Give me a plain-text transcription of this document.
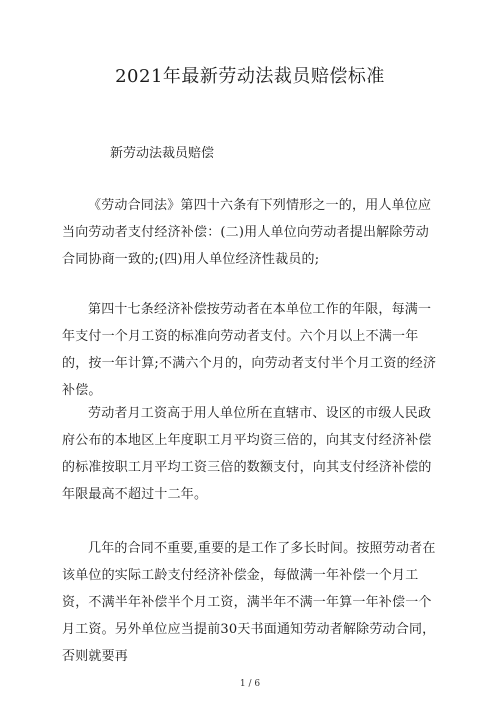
2021年最新劳动法裁员赔偿标准
新劳动法裁员赔偿

《劳动合同法》第四十六条有下列情形之一的，用人单位应当向劳动者支付经济补偿：(二)用人单位向劳动者提出解除劳动合同协商一致的;(四)用人单位经济性裁员的;

第四十七条经济补偿按劳动者在本单位工作的年限，每满一年支付一个月工资的标准向劳动者支付。六个月以上不满一年的，按一年计算;不满六个月的，向劳动者支付半个月工资的经济补偿。

劳动者月工资高于用人单位所在直辖市、设区的市级人民政府公布的本地区上年度职工月平均资三倍的，向其支付经济补偿的标准按职工月平均工资三倍的数额支付，向其支付经济补偿的年限最高不超过十二年。

几年的合同不重要,重要的是工作了多长时间。按照劳动者在该单位的实际工龄支付经济补偿金，每做满一年补偿一个月工资，不满半年补偿半个月工资，满半年不满一年算一年补偿一个月工资。另外单位应当提前30天书面通知劳动者解除劳动合同，否则就要再

1 / 6
